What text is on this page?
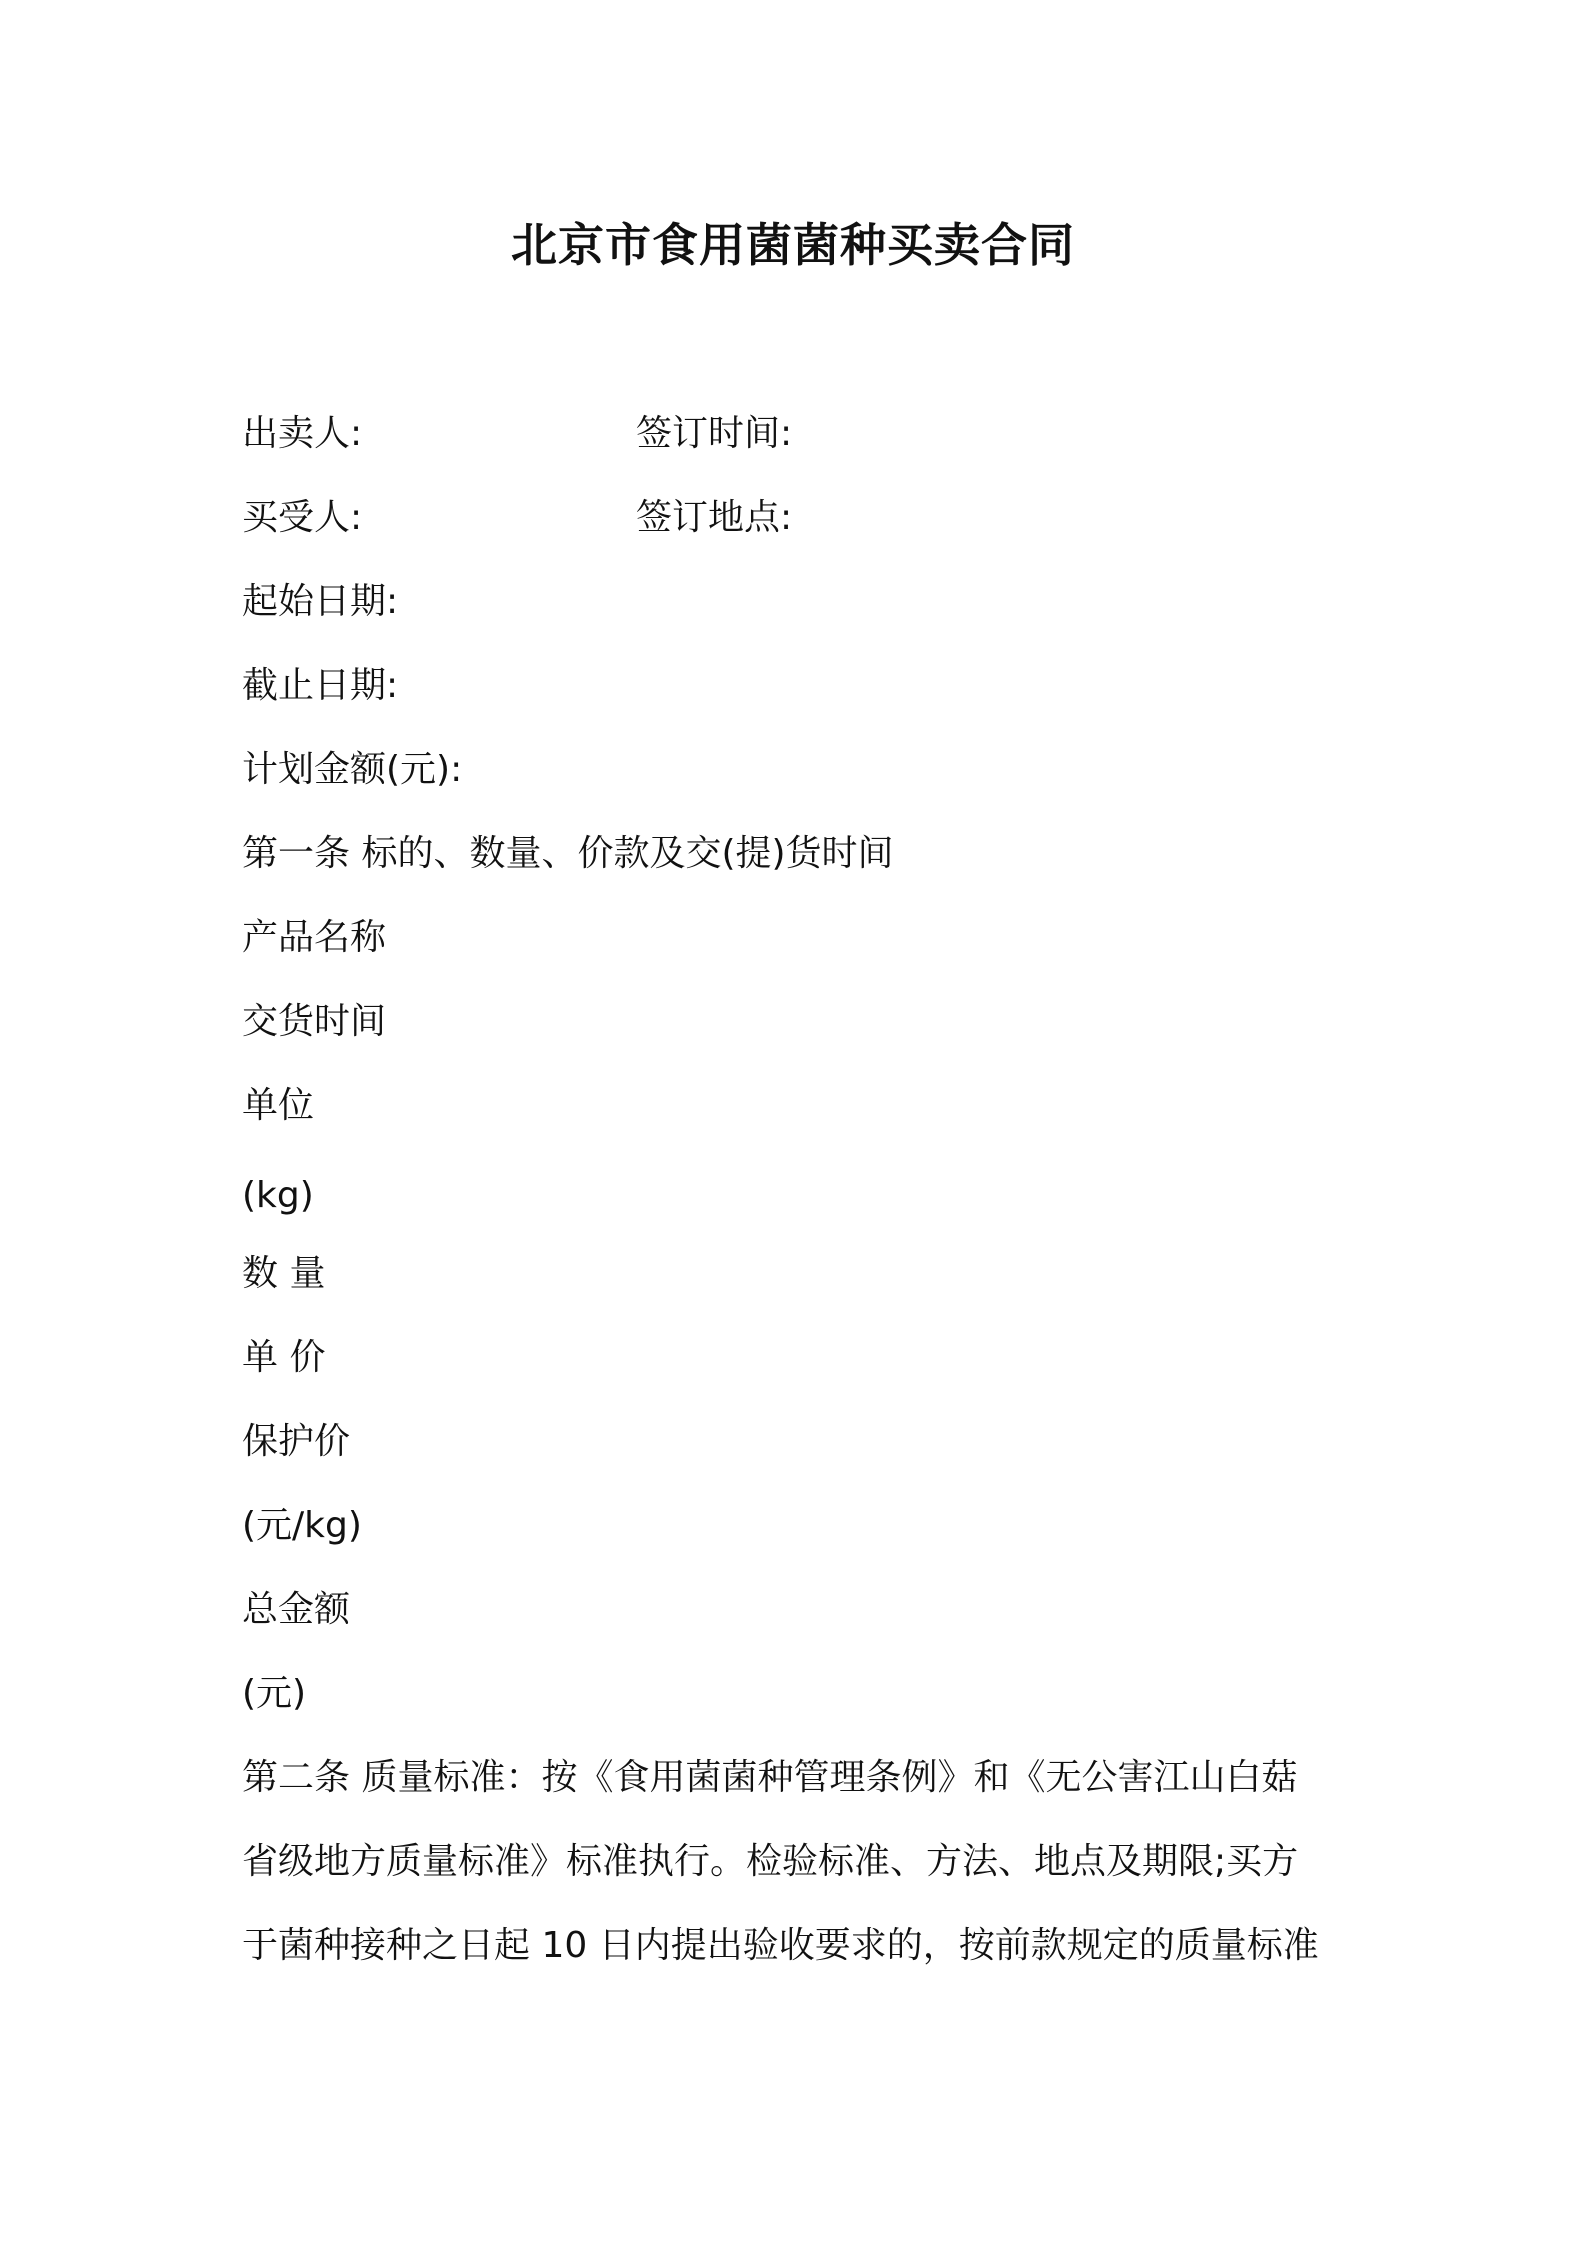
北京市食用菌菌种买卖合同
出卖人:	签订时间:
买受人:	签订地点:
起始日期:
截止日期:
计划金额(元):
第一条 标的、数量、价款及交(提)货时间
产品名称
交货时间
单位
(kg)
数 量
单 价
保护价
(元/kg)
总金额
(元)
第二条 质量标准：按《食用菌菌种管理条例》和《无公害江山白菇
省级地方质量标准》标准执行。检验标准、方法、地点及期限;买方
于菌种接种之日起 10 日内提出验收要求的，按前款规定的质量标准
